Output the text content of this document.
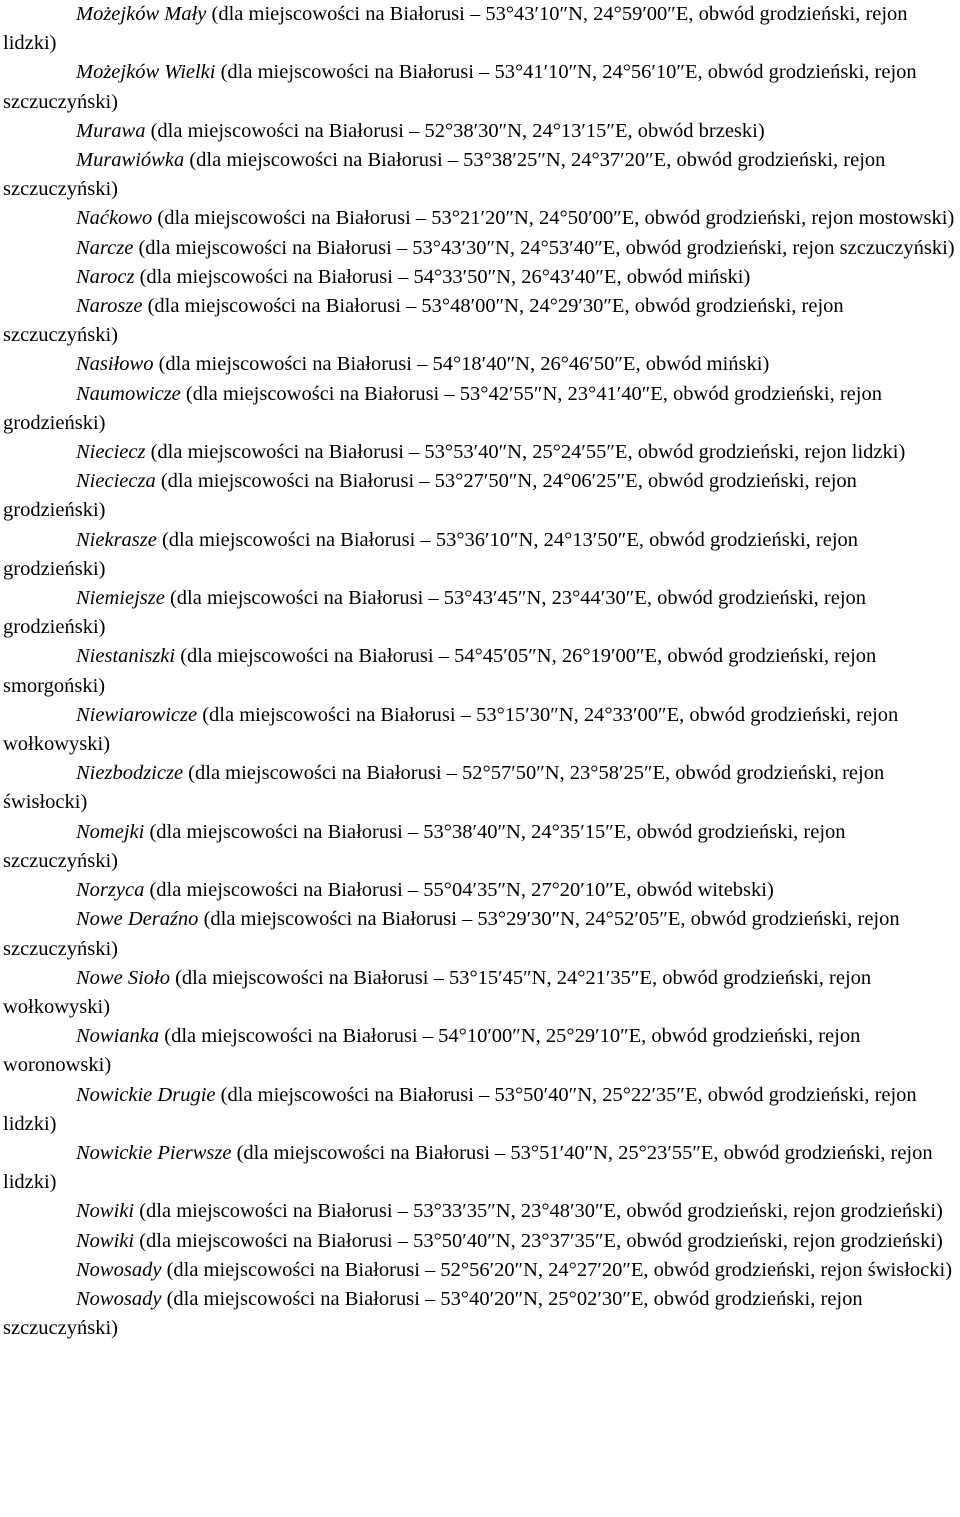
Możejków Mały (dla miejscowości na Białorusi – 53°43′10″N, 24°59′00″E, obwód grodzieński, rejon lidzki)

Możejków Wielki (dla miejscowości na Białorusi – 53°41′10″N, 24°56′10″E, obwód grodzieński, rejon szczuczyński)

Murawa (dla miejscowości na Białorusi – 52°38′30″N, 24°13′15″E, obwód brzeski)

Murawiówka (dla miejscowości na Białorusi – 53°38′25″N, 24°37′20″E, obwód grodzieński, rejon szczuczyński)

Naćkowo (dla miejscowości na Białorusi – 53°21′20″N, 24°50′00″E, obwód grodzieński, rejon mostowski)

Narcze (dla miejscowości na Białorusi – 53°43′30″N, 24°53′40″E, obwód grodzieński, rejon szczuczyński)

Narocz (dla miejscowości na Białorusi – 54°33′50″N, 26°43′40″E, obwód miński)

Narosze (dla miejscowości na Białorusi – 53°48′00″N, 24°29′30″E, obwód grodzieński, rejon szczuczyński)

Nasiłowo (dla miejscowości na Białorusi – 54°18′40″N, 26°46′50″E, obwód miński)

Naumowicze (dla miejscowości na Białorusi – 53°42′55″N, 23°41′40″E, obwód grodzieński, rejon grodzieński)

Nieciecz (dla miejscowości na Białorusi – 53°53′40″N, 25°24′55″E, obwód grodzieński, rejon lidzki)

Niecieczа (dla miejscowości na Białorusi – 53°27′50″N, 24°06′25″E, obwód grodzieński, rejon grodzieński)

Niekrasze (dla miejscowości na Białorusi – 53°36′10″N, 24°13′50″E, obwód grodzieński, rejon grodzieński)

Niemiejsze (dla miejscowości na Białorusi – 53°43′45″N, 23°44′30″E, obwód grodzieński, rejon grodzieński)

Niestaniszki (dla miejscowości na Białorusi – 54°45′05″N, 26°19′00″E, obwód grodzieński, rejon smorgoński)

Niewiarowicze (dla miejscowości na Białorusi – 53°15′30″N, 24°33′00″E, obwód grodzieński, rejon wołkowyski)

Niezbodzicze (dla miejscowości na Białorusi – 52°57′50″N, 23°58′25″E, obwód grodzieński, rejon świsłocki)

Nomejki (dla miejscowości na Białorusi – 53°38′40″N, 24°35′15″E, obwód grodzieński, rejon szczuczyński)

Norzyca (dla miejscowości na Białorusi – 55°04′35″N, 27°20′10″E, obwód witebski)

Nowe Deraźno (dla miejscowości na Białorusi – 53°29′30″N, 24°52′05″E, obwód grodzieński, rejon szczuczyński)

Nowe Sioło (dla miejscowości na Białorusi – 53°15′45″N, 24°21′35″E, obwód grodzieński, rejon wołkowyski)

Nowianka (dla miejscowości na Białorusi – 54°10′00″N, 25°29′10″E, obwód grodzieński, rejon woronowski)

Nowickie Drugie (dla miejscowości na Białorusi – 53°50′40″N, 25°22′35″E, obwód grodzieński, rejon lidzki)

Nowickie Pierwsze (dla miejscowości na Białorusi – 53°51′40″N, 25°23′55″E, obwód grodzieński, rejon lidzki)

Nowiki (dla miejscowości na Białorusi – 53°33′35″N, 23°48′30″E, obwód grodzieński, rejon grodzieński)

Nowiki (dla miejscowości na Białorusi – 53°50′40″N, 23°37′35″E, obwód grodzieński, rejon grodzieński)

Nowosady (dla miejscowości na Białorusi – 52°56′20″N, 24°27′20″E, obwód grodzieński, rejon świsłocki)

Nowosady (dla miejscowości na Białorusi – 53°40′20″N, 25°02′30″E, obwód grodzieński, rejon szczuczyński)
